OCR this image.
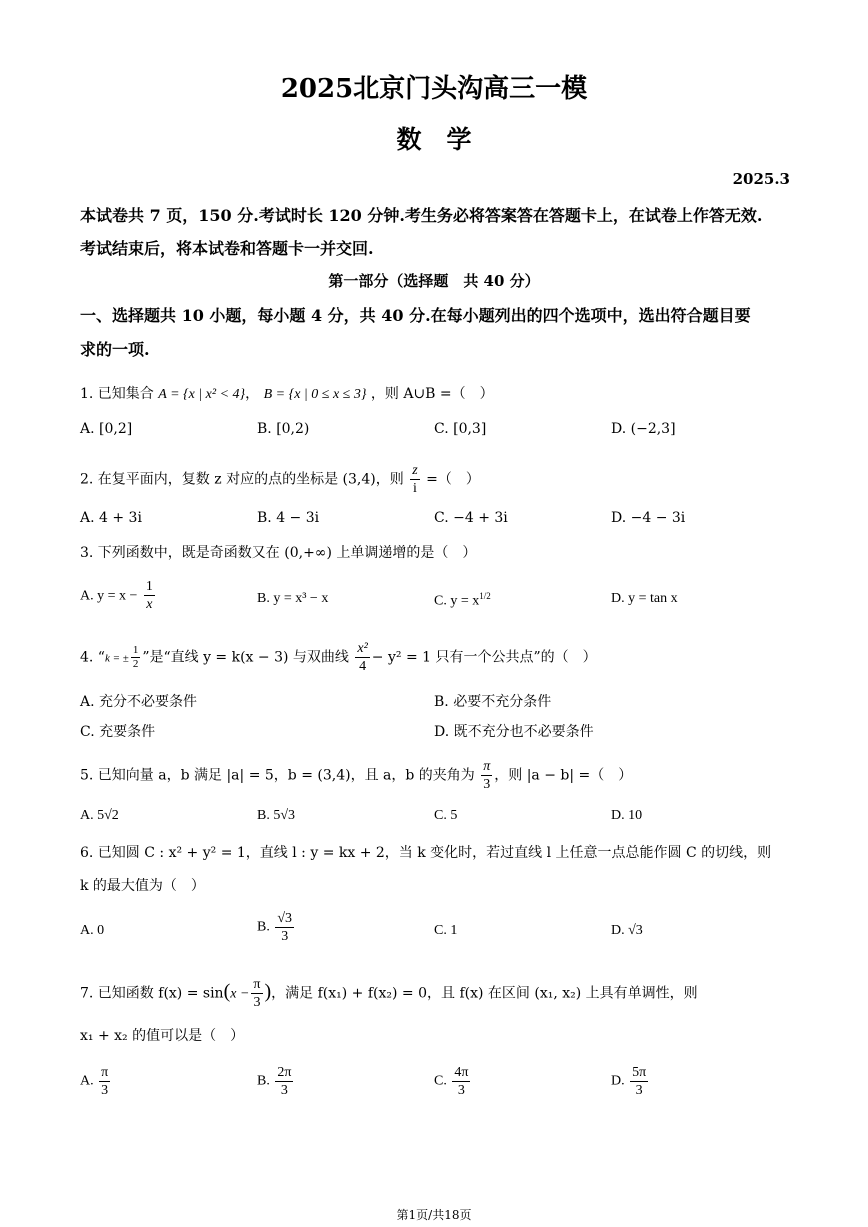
2025北京门头沟高三一模
数　学
2025.3
本试卷共 7 页，150 分.考试时长 120 分钟.考生务必将答案答在答题卡上，在试卷上作答无效.
考试结束后，将本试卷和答题卡一并交回.
第一部分（选择题　共 40 分）
一、选择题共 10 小题，每小题 4 分，共 40 分.在每小题列出的四个选项中，选出符合题目要
求的一项.
1. 已知集合 A = {x | x² < 4}， B = {x | 0 ≤ x ≤ 3} ，则 A∪B =（　）
A. [0,2]	B. [0,2)	C. [0,3]	D. (−2,3]
2. 在复平面内，复数 z 对应的点的坐标是 (3,4)，则 $\frac{z}{i}$ =（　）
A. 4 + 3i	B. 4 − 3i	C. −4 + 3i	D. −4 − 3i
3. 下列函数中，既是奇函数又在 (0,+∞) 上单调递增的是（　）
A. $y = x - \frac{1}{x}$	B. y = x³ − x	C. $y = x^{1/2}$	D. y = tan x
4. “k = ± $\frac{1}{2}$ ”是“直线 y = k(x − 3) 与双曲线 $\frac{\text{x²}}{4} - y^2 = 1$ 只有一个公共点”的（　）
A. 充分不必要条件	B. 必要不充分条件
C. 充要条件	D. 既不充分也不必要条件
5. 已知向量 a，b 满足 |a| = 5，b = (3,4)，且 a，b 的夹角为 $\frac{\pi}{3}$ ，则 |a − b| =（　）
A. 5√2	B. 5√3	C. 5	D. 10
6. 已知圆 C : x² + y² = 1，直线 l : y = kx + 2，当 k 变化时，若过直线 l 上任意一点总能作圆 C 的切线，则
k 的最大值为（　）
A. 0	B. $\frac{√3}{3}$	C. 1	D. √3
7. 已知函数 $f(x) = \sin(x - \frac{\pi}{3}$ )，满足 f(x₁) + f(x₂) = 0，且 f(x) 在区间 (x₁, x₂) 上具有单调性，则
x₁ + x₂ 的值可以是（　）
A. $\frac{\pi}{3}$	B. $\frac{2\pi}{3}$	C. $\frac{4\pi}{3}$	D. $\frac{5\pi}{3}$
第1页/共18页
